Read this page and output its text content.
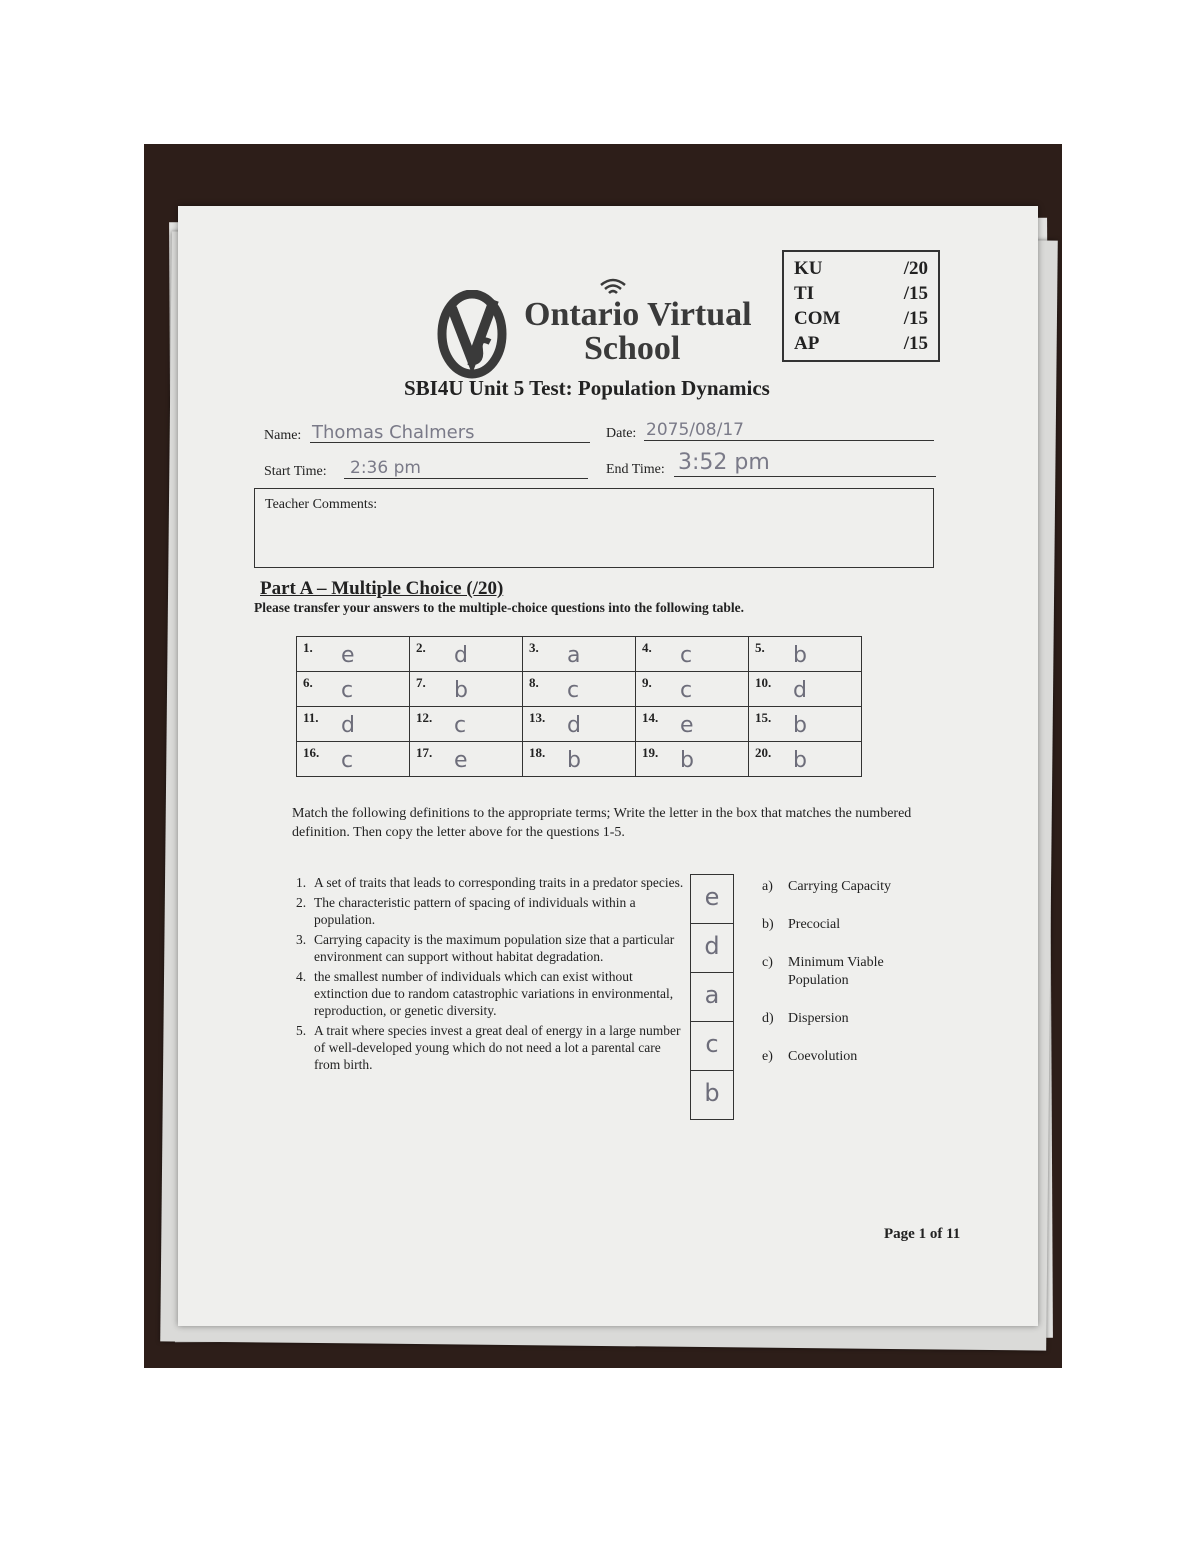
KU	/20
TI	/15
COM	/15
AP	/15
Ontario Virtual
School
SBI4U Unit 5 Test: Population Dynamics
Name: Thomas Chalmers	Date: 2075/08/17
Start Time: 2:36 pm	End Time: 3:52 pm
Teacher Comments:
Part A – Multiple Choice (/20)
Please transfer your answers to the multiple-choice questions into the following table.
1. e	2. d	3. a	4. c	5. b

6. c	7. b	8. c	9. c	10. d

11. d	12. c	13. d	14. e	15. b

16. c	17. e	18. b	19. b	20. b
Match the following definitions to the appropriate terms; Write the letter in the box that matches the numbered definition. Then copy the letter above for the questions 1-5.
1. A set of traits that leads to corresponding traits in a predator species.
2. The characteristic pattern of spacing of individuals within a population.
3. Carrying capacity is the maximum population size that a particular environment can support without habitat degradation.
4. the smallest number of individuals which can exist without extinction due to random catastrophic variations in environmental, reproduction, or genetic diversity.
5. A trait where species invest a great deal of energy in a large number of well-developed young which do not need a lot a parental care from birth.
e
d
a
c
b
a)	Carrying Capacity
b)	Precocial
c)	Minimum Viable Population
d)	Dispersion
e)	Coevolution
Page 1 of 11
